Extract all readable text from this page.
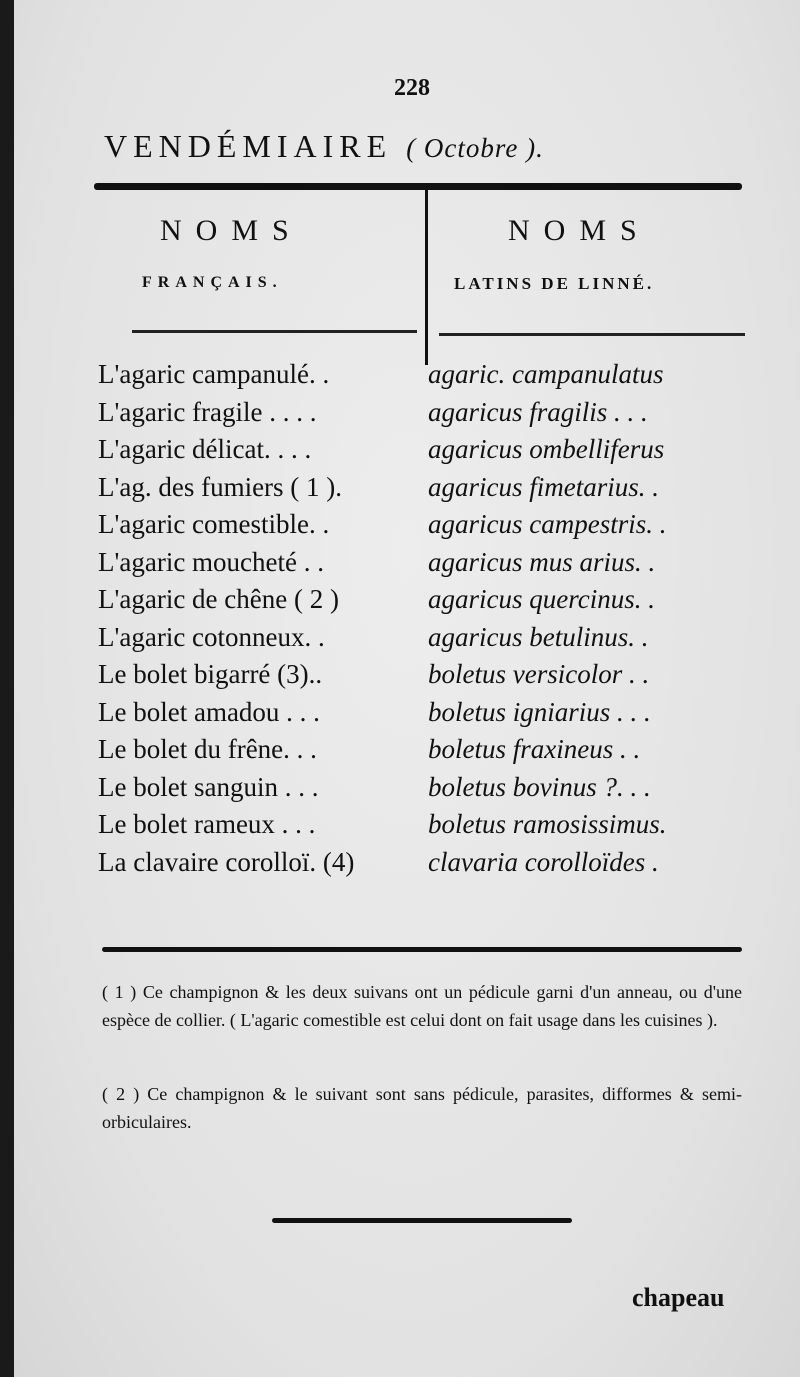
228
VENDÉMIAIRE ( Octobre ).
NOMS
FRANÇAIS.
NOMS
LATINS DE LINNÉ.
L'agaric campanulé. .	agaric. campanulatus
L'agaric fragile . . . .	agaricus fragilis . . .
L'agaric délicat. . . .	agaricus ombelliferus
L'ag. des fumiers ( 1 ).	agaricus fimetarius. .
L'agaric comestible. .	agaricus campestris. .
L'agaric moucheté . .	agaricus mus arius. .
L'agaric de chêne ( 2 )	agaricus quercinus. .
L'agaric cotonneux. .	agaricus betulinus. .
Le bolet bigarré (3)..	boletus versicolor . .
Le bolet amadou . . .	boletus igniarius . . .
Le bolet du frêne. . .	boletus fraxineus . .
Le bolet sanguin . . .	boletus bovinus ?. . .
Le bolet rameux . . .	boletus ramosissimus.
La clavaire corolloï. (4)	clavaria corolloïdes .
( 1 ) Ce champignon & les deux suivans ont un pédicule garni d'un anneau, ou d'une espèce de collier. ( L'agaric comestible est celui dont on fait usage dans les cuisines ).
( 2 ) Ce champignon & le suivant sont sans pédicule, parasites, difformes & semi-orbiculaires.
chapeau
